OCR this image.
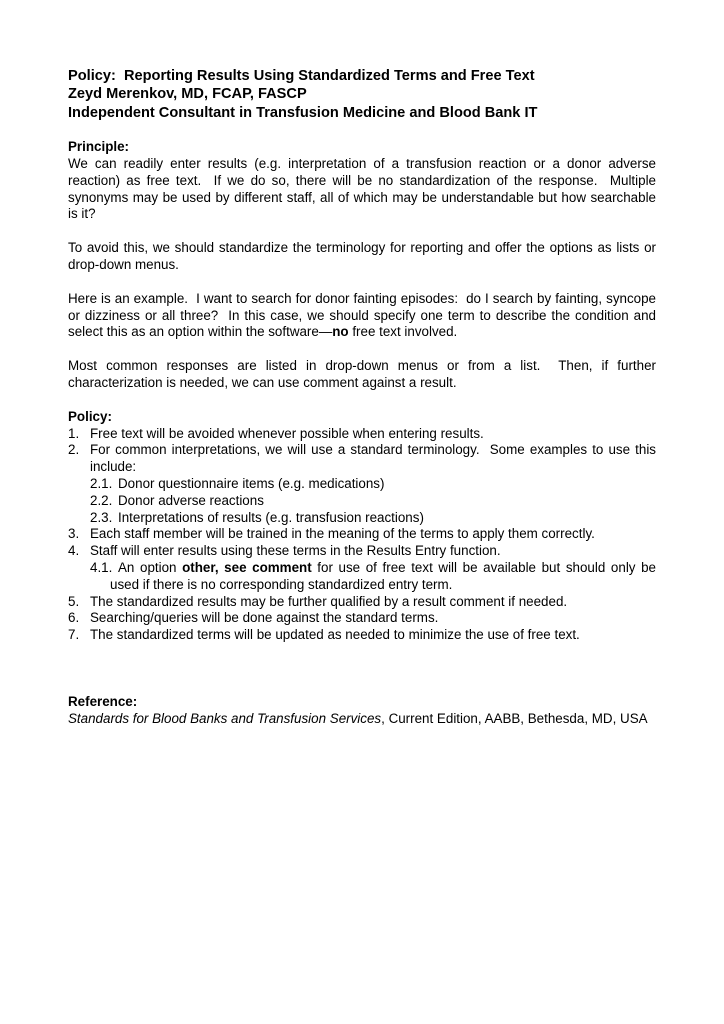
Policy:  Reporting Results Using Standardized Terms and Free Text

Zeyd Merenkov, MD, FCAP, FASCP

Independent Consultant in Transfusion Medicine and Blood Bank IT

Principle:

We can readily enter results (e.g. interpretation of a transfusion reaction or a donor adverse reaction) as free text.  If we do so, there will be no standardization of the response.  Multiple synonyms may be used by different staff, all of which may be understandable but how searchable is it?

To avoid this, we should standardize the terminology for reporting and offer the options as lists or drop-down menus.

Here is an example.  I want to search for donor fainting episodes:  do I search by fainting, syncope or dizziness or all three?  In this case, we should specify one term to describe the condition and select this as an option within the software—no free text involved.

Most common responses are listed in drop-down menus or from a list.  Then, if further characterization is needed, we can use comment against a result.

Policy:

1. Free text will be avoided whenever possible when entering results.
2. For common interpretations, we will use a standard terminology.  Some examples to use this include:
2.1. Donor questionnaire items (e.g. medications)
2.2. Donor adverse reactions
2.3. Interpretations of results (e.g. transfusion reactions)
3. Each staff member will be trained in the meaning of the terms to apply them correctly.
4. Staff will enter results using these terms in the Results Entry function.
4.1. An option other, see comment for use of free text will be available but should only be used if there is no corresponding standardized entry term.
5. The standardized results may be further qualified by a result comment if needed.
6. Searching/queries will be done against the standard terms.
7. The standardized terms will be updated as needed to minimize the use of free text.

Reference:

Standards for Blood Banks and Transfusion Services, Current Edition, AABB, Bethesda, MD, USA
